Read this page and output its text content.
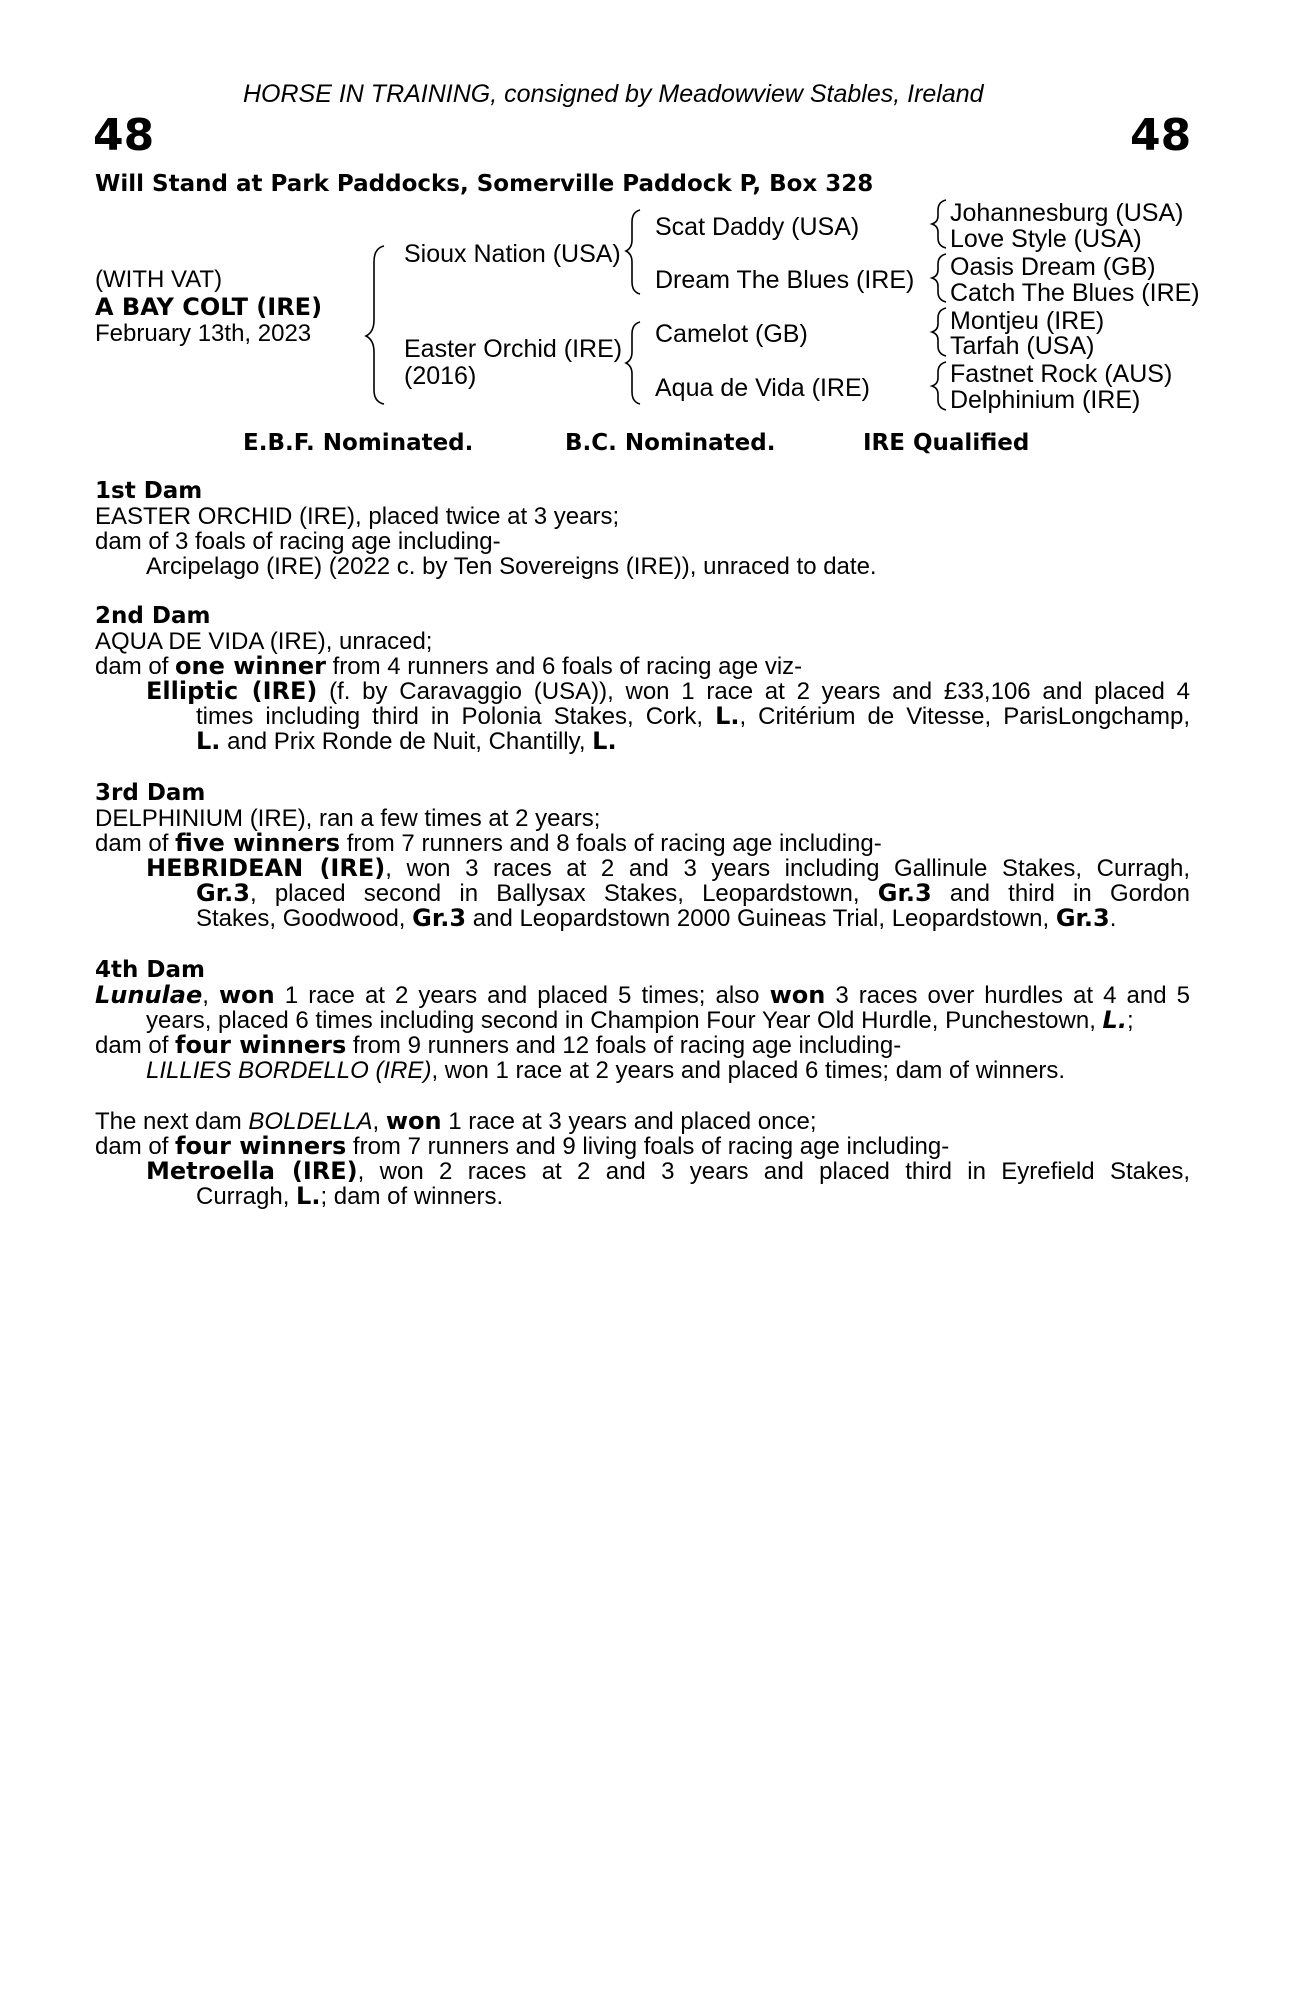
HORSE IN TRAINING, consigned by Meadowview Stables, Ireland
48	48
Will Stand at Park Paddocks, Somerville Paddock P, Box 328
(WITH VAT)
A BAY COLT (IRE)
February 13th, 2023
Sioux Nation (USA)
Easter Orchid (IRE)
(2016)
Scat Daddy (USA)
Dream The Blues (IRE)
Camelot (GB)
Aqua de Vida (IRE)
Johannesburg (USA)
Love Style (USA)
Oasis Dream (GB)
Catch The Blues (IRE)
Montjeu (IRE)
Tarfah (USA)
Fastnet Rock (AUS)
Delphinium (IRE)
E.B.F. Nominated.	B.C. Nominated.	IRE Qualified
1st Dam
EASTER ORCHID (IRE), placed twice at 3 years;
dam of 3 foals of racing age including-
Arcipelago (IRE) (2022 c. by Ten Sovereigns (IRE)), unraced to date.
2nd Dam
AQUA DE VIDA (IRE), unraced;
dam of one winner from 4 runners and 6 foals of racing age viz-
Elliptic (IRE) (f. by Caravaggio (USA)), won 1 race at 2 years and £33,106 and placed 4
times including third in Polonia Stakes, Cork, L., Critérium de Vitesse, ParisLongchamp,
L. and Prix Ronde de Nuit, Chantilly, L.
3rd Dam
DELPHINIUM (IRE), ran a few times at 2 years;
dam of five winners from 7 runners and 8 foals of racing age including-
HEBRIDEAN (IRE), won 3 races at 2 and 3 years including Gallinule Stakes, Curragh,
Gr.3, placed second in Ballysax Stakes, Leopardstown, Gr.3 and third in Gordon
Stakes, Goodwood, Gr.3 and Leopardstown 2000 Guineas Trial, Leopardstown, Gr.3.
4th Dam
Lunulae, won 1 race at 2 years and placed 5 times; also won 3 races over hurdles at 4 and 5
years, placed 6 times including second in Champion Four Year Old Hurdle, Punchestown, L.;
dam of four winners from 9 runners and 12 foals of racing age including-
LILLIES BORDELLO (IRE), won 1 race at 2 years and placed 6 times; dam of winners.
The next dam BOLDELLA, won 1 race at 3 years and placed once;
dam of four winners from 7 runners and 9 living foals of racing age including-
Metroella (IRE), won 2 races at 2 and 3 years and placed third in Eyrefield Stakes,
Curragh, L.; dam of winners.
